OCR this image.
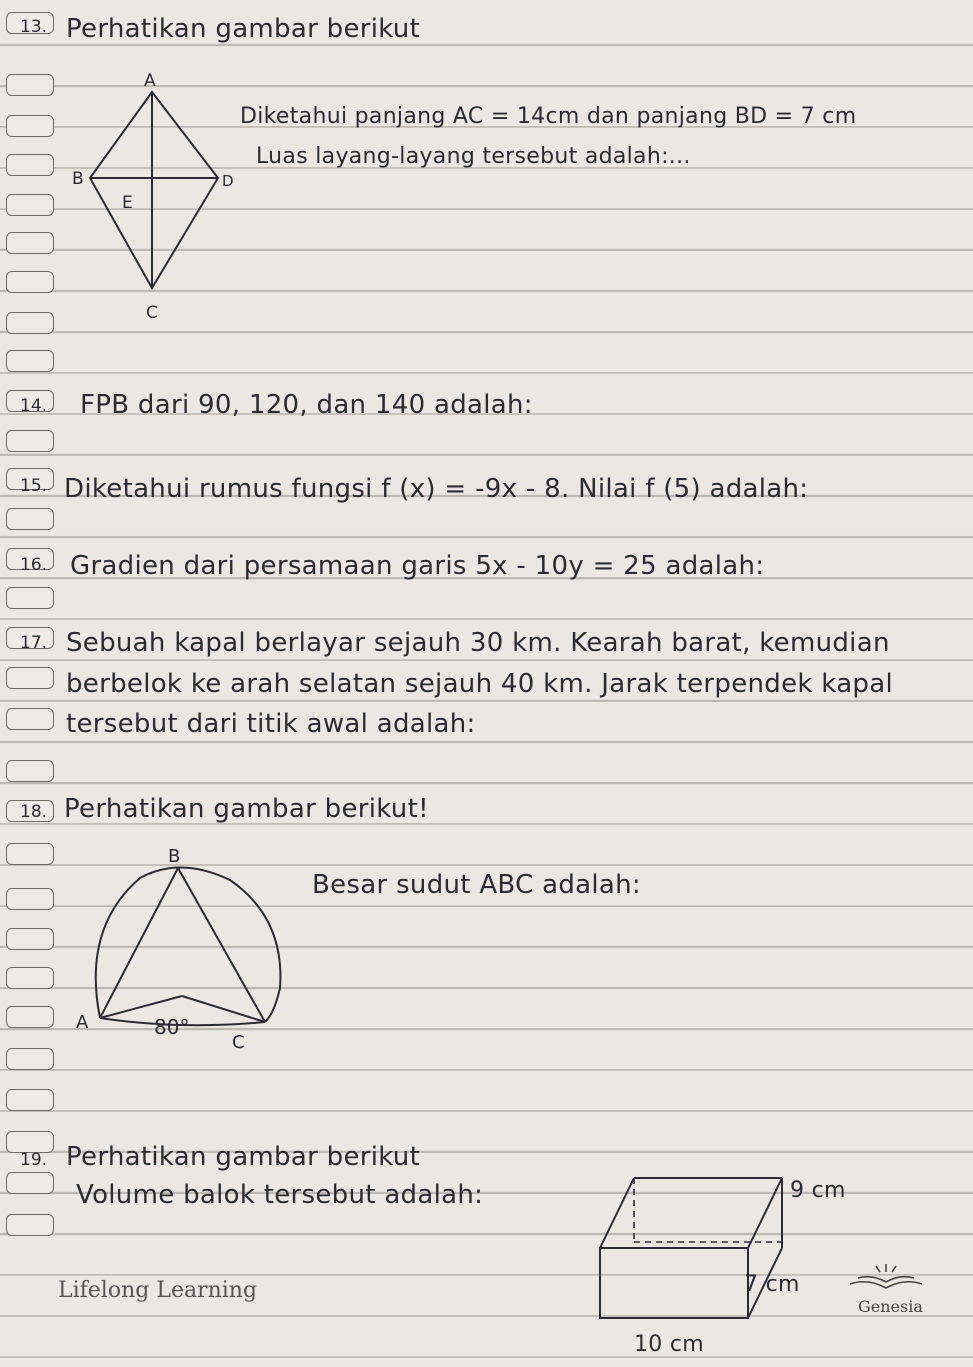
13. Perhatikan gambar berikut
A
B
E
D
C
Diketahui panjang AC = 14cm dan panjang BD = 7 cm
Luas layang-layang tersebut adalah:...
14. FPB dari 90, 120, dan 140 adalah:
15. Diketahui rumus fungsi f (x) = -9x - 8. Nilai f (5) adalah:
16. Gradien dari persamaan garis 5x - 10y = 25 adalah:
17. Sebuah kapal berlayar sejauh 30 km. Kearah barat, kemudian
berbelok ke arah selatan sejauh 40 km. Jarak terpendek kapal
tersebut dari titik awal adalah:
18. Perhatikan gambar berikut!
B
A
C
80°
Besar sudut ABC adalah:
19. Perhatikan gambar berikut
Volume balok tersebut adalah:	9 cm
7 cm
10 cm
Lifelong Learning
Genesia
